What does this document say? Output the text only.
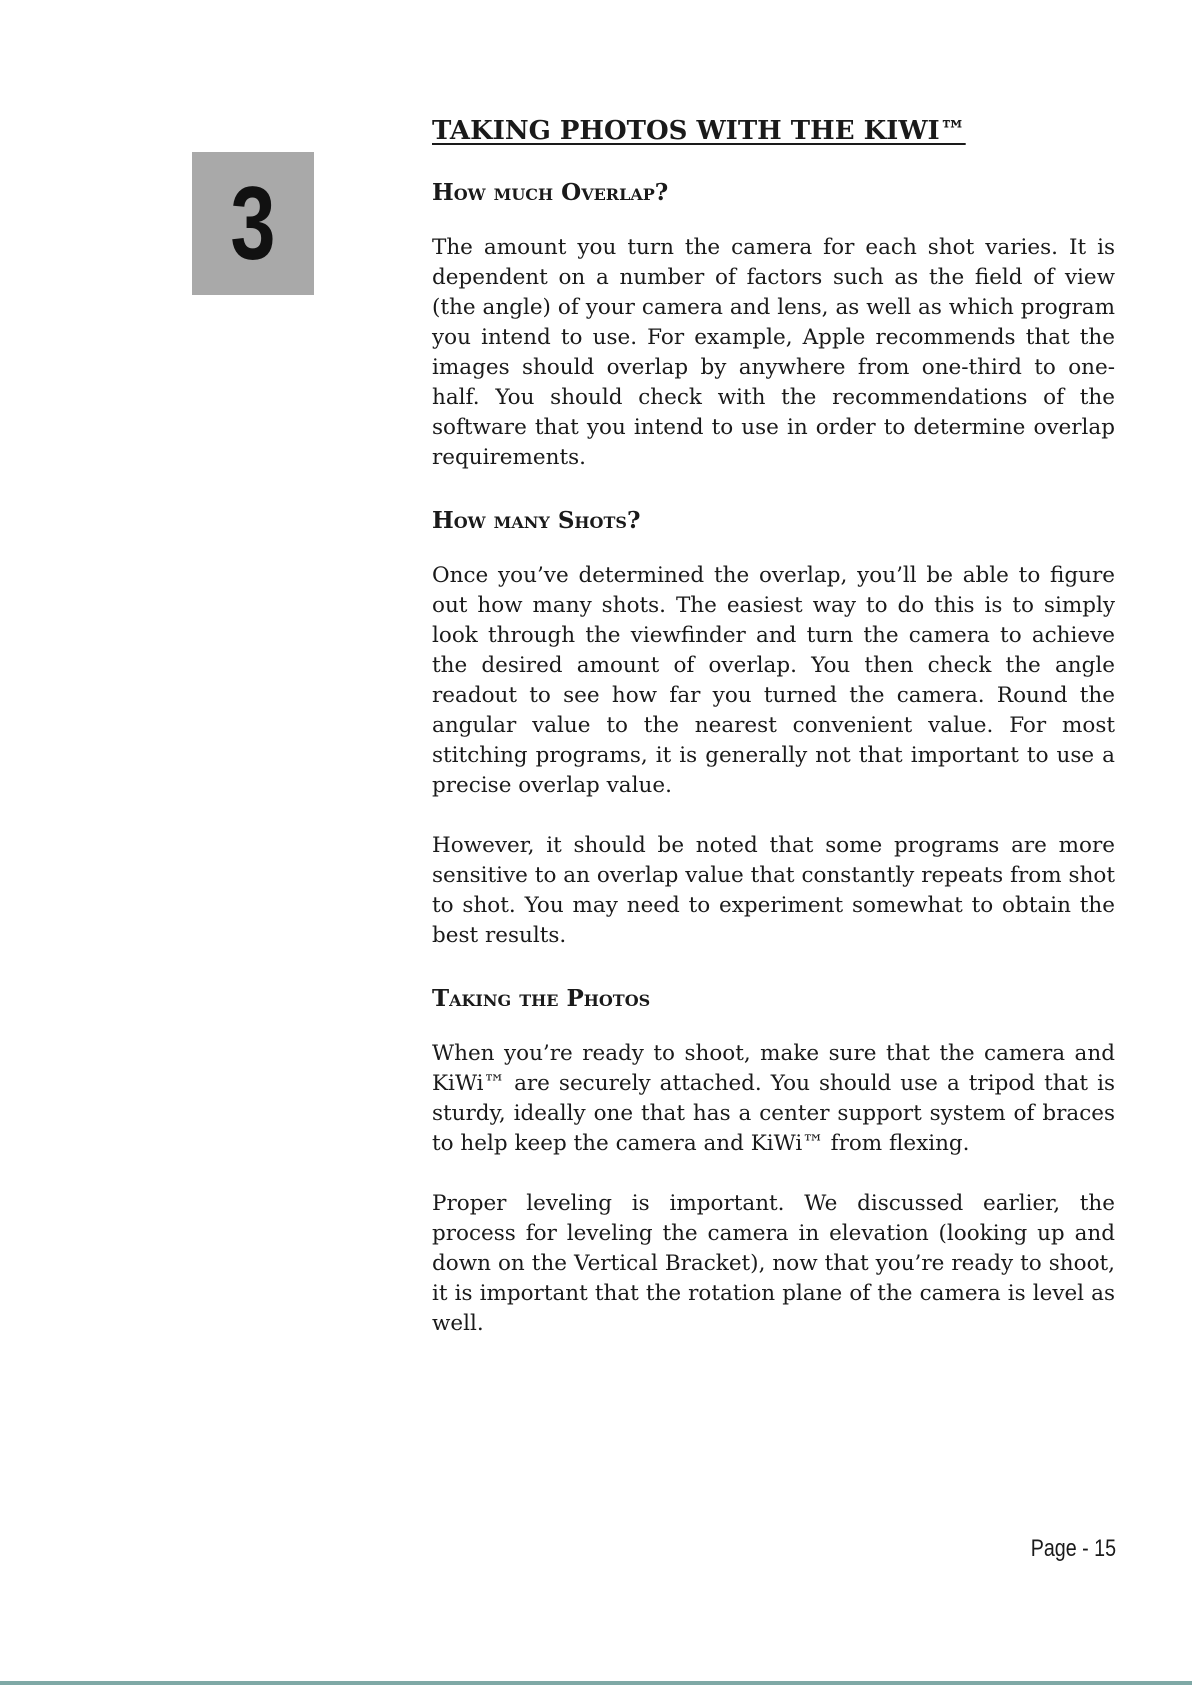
3
TAKING PHOTOS WITH THE KIWI™
How much Overlap?

The amount you turn the camera for each shot varies. It is dependent on a number of factors such as the field of view (the angle) of your camera and lens, as well as which program you intend to use. For example, Apple recommends that the images should overlap by anywhere from one-third to one-half. You should check with the recommendations of the software that you intend to use in order to determine overlap requirements.

How many Shots?

Once you’ve determined the overlap, you’ll be able to figure out how many shots. The easiest way to do this is to simply look through the viewfinder and turn the camera to achieve the desired amount of overlap. You then check the angle readout to see how far you turned the camera. Round the angular value to the nearest convenient value. For most stitching programs, it is generally not that important to use a precise overlap value.

However, it should be noted that some programs are more sensitive to an overlap value that constantly repeats from shot to shot. You may need to experiment somewhat to obtain the best results.

Taking the Photos

When you’re ready to shoot, make sure that the camera and KiWi™ are securely attached. You should use a tripod that is sturdy, ideally one that has a center support system of braces to help keep the camera and KiWi™ from flexing.

Proper leveling is important. We discussed earlier, the process for leveling the camera in elevation (looking up and down on the Vertical Bracket), now that you’re ready to shoot, it is important that the rotation plane of the camera is level as well.

Page - 15
